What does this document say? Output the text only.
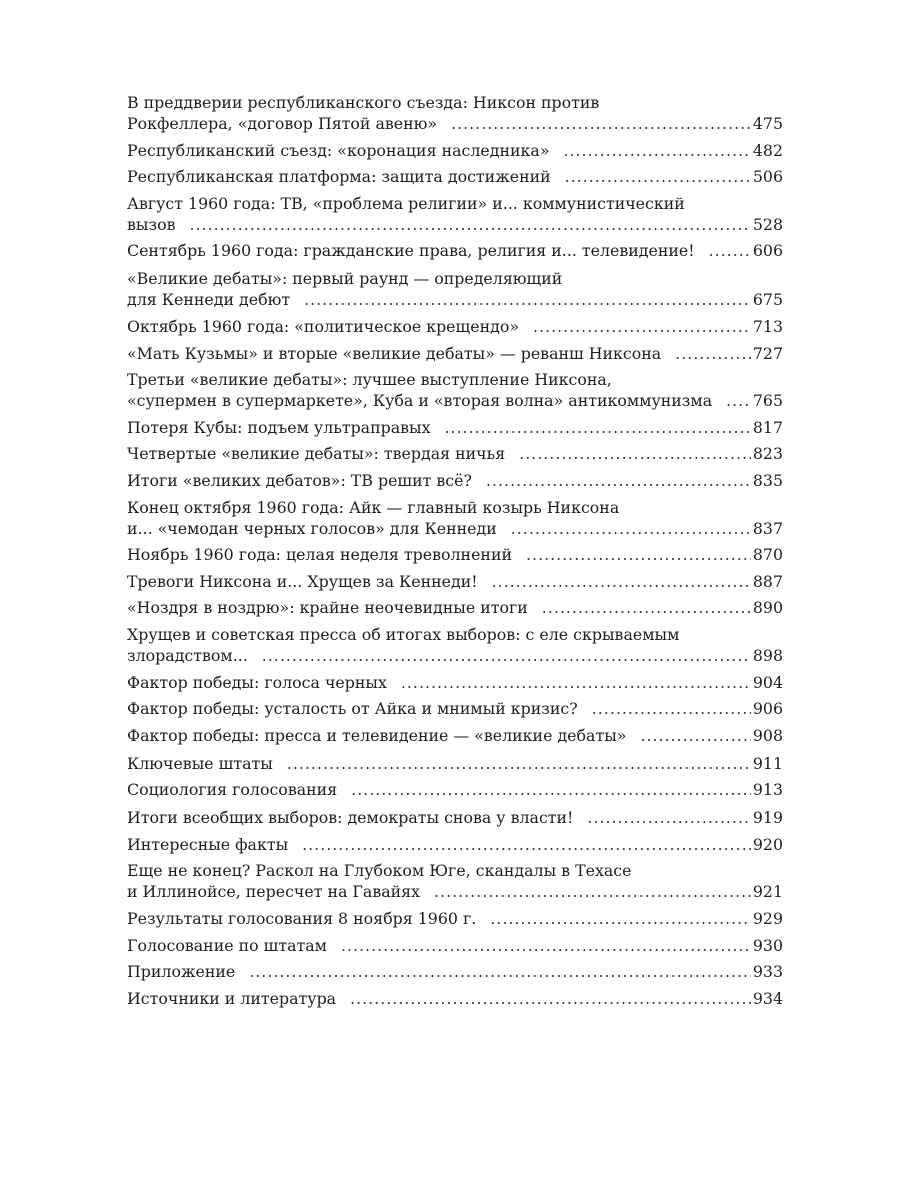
В преддверии республиканского съезда: Никсон против
Рокфеллера, «договор Пятой авеню» .....	475
Республиканский съезд: «коронация наследника» .....	482
Республиканская платформа: защита достижений .....	506
Август 1960 года: ТВ, «проблема религии» и... коммунистический
вызов .....	528
Сентябрь 1960 года: гражданские права, религия и... телевидение! .....	606
«Великие дебаты»: первый раунд — определяющий
для Кеннеди дебют .....	675
Октябрь 1960 года: «политическое крещендо» .....	713
«Мать Кузьмы» и вторые «великие дебаты» — реванш Никсона .....	727
Третьи «великие дебаты»: лучшее выступление Никсона,
«супермен в супермаркете», Куба и «вторая волна» антикоммунизма .....	765
Потеря Кубы: подъем ультраправых .....	817
Четвертые «великие дебаты»: твердая ничья .....	823
Итоги «великих дебатов»: ТВ решит всё? .....	835
Конец октября 1960 года: Айк — главный козырь Никсона
и... «чемодан черных голосов» для Кеннеди .....	837
Ноябрь 1960 года: целая неделя треволнений .....	870
Тревоги Никсона и... Хрущев за Кеннеди! .....	887
«Ноздря в ноздрю»: крайне неочевидные итоги .....	890
Хрущев и советская пресса об итогах выборов: с еле скрываемым
злорадством... .....	898
Фактор победы: голоса черных .....	904
Фактор победы: усталость от Айка и мнимый кризис? .....	906
Фактор победы: пресса и телевидение — «великие дебаты» .....	908
Ключевые штаты .....	911
Социология голосования .....	913
Итоги всеобщих выборов: демократы снова у власти! .....	919
Интересные факты .....	920
Еще не конец? Раскол на Глубоком Юге, скандалы в Техасе
и Иллинойсе, пересчет на Гавайях .....	921
Результаты голосования 8 ноября 1960 г. .....	929
Голосование по штатам .....	930
Приложение .....	933
Источники и литература .....	934
